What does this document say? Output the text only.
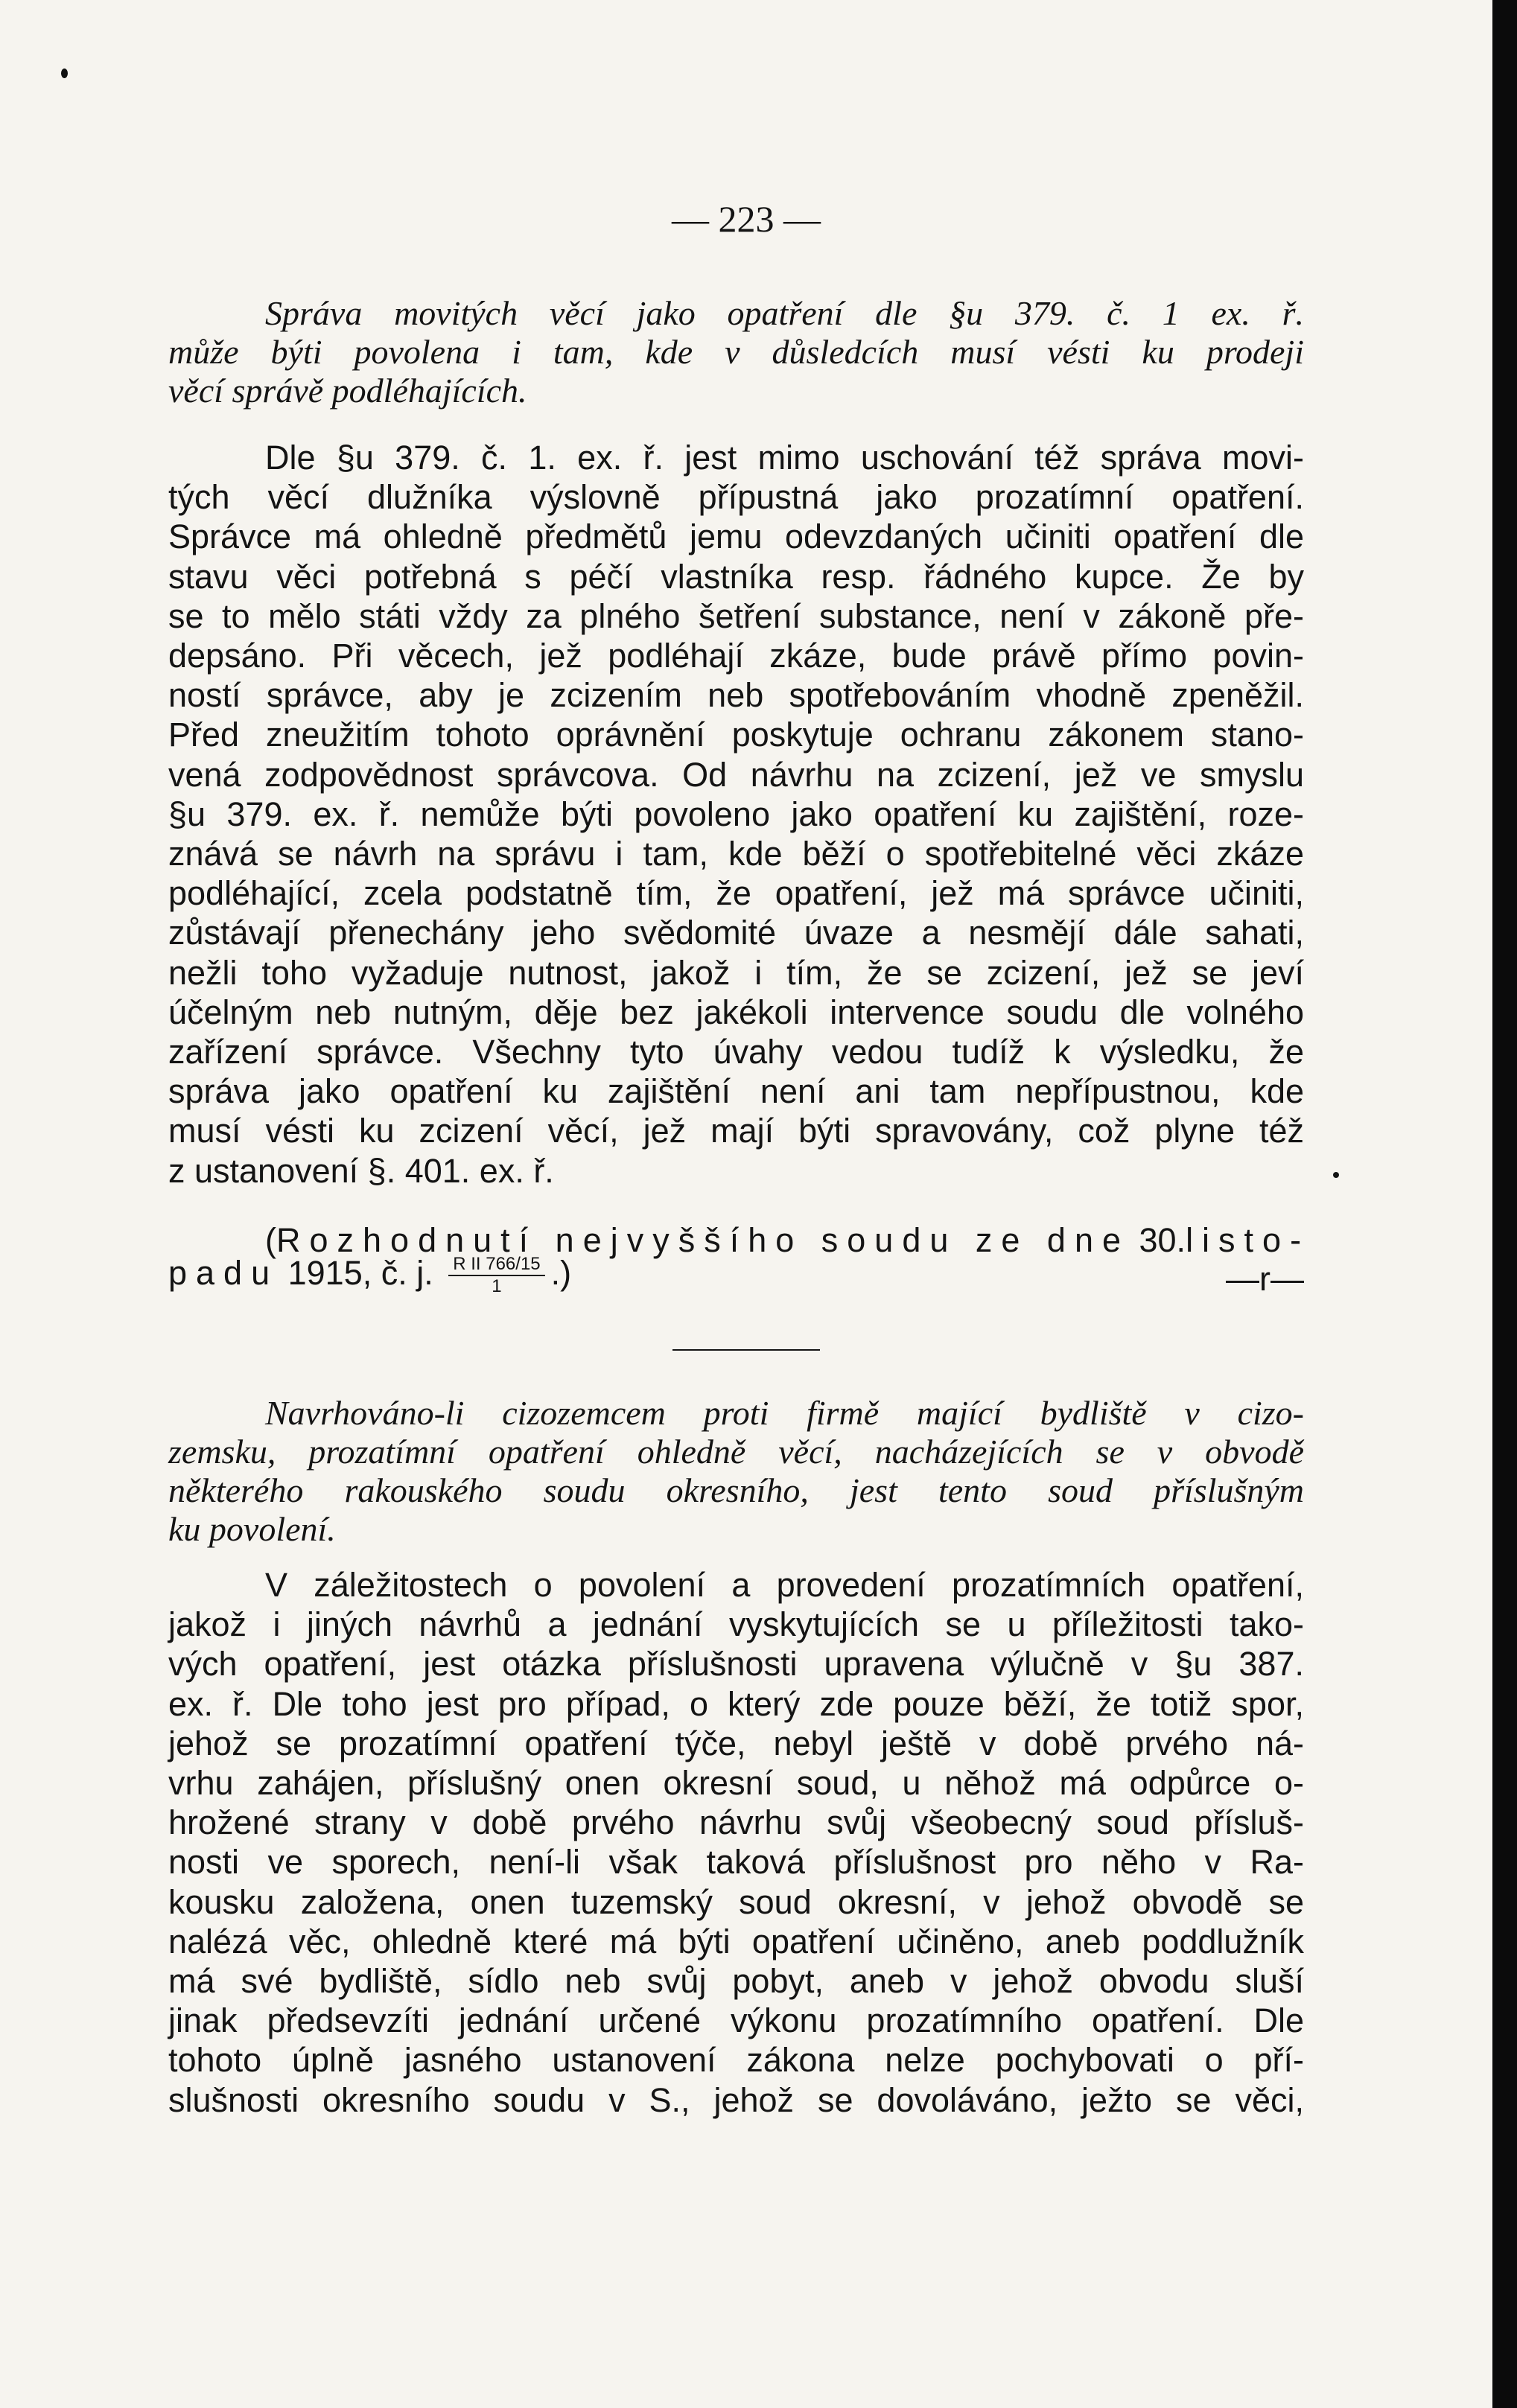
— 223 —
Správa movitých věcí jako opatření dle §u 379. č. 1 ex. ř.
může býti povolena i tam, kde v důsledcích musí vésti ku prodeji
věcí správě podléhajících.
Dle §u 379. č. 1. ex. ř. jest mimo uschování též správa movi-
tých věcí dlužníka výslovně přípustná jako prozatímní opatření.
Správce má ohledně předmětů jemu odevzdaných učiniti opatření dle
stavu věci potřebná s péčí vlastníka resp. řádného kupce. Že by
se to mělo státi vždy za plného šetření substance, není v zákoně pře-
depsáno. Při věcech, jež podléhají zkáze, bude právě přímo povin-
ností správce, aby je zcizením neb spotřebováním vhodně zpeněžil.
Před zneužitím tohoto oprávnění poskytuje ochranu zákonem stano-
vená zodpovědnost správcova. Od návrhu na zcizení, jež ve smyslu
§u 379. ex. ř. nemůže býti povoleno jako opatření ku zajištění, roze-
znává se návrh na správu i tam, kde běží o spotřebitelné věci zkáze
podléhající, zcela podstatně tím, že opatření, jež má správce učiniti,
zůstávají přenechány jeho svědomité úvaze a nesmějí dále sahati,
nežli toho vyžaduje nutnost, jakož i tím, že se zcizení, jež se jeví
účelným neb nutným, děje bez jakékoli intervence soudu dle volného
zařízení správce. Všechny tyto úvahy vedou tudíž k výsledku, že
správa jako opatření ku zajištění není ani tam nepřípustnou, kde
musí vésti ku zcizení věcí, jež mají býti spravovány, což plyne též
z ustanovení §. 401. ex. ř.
(Rozhodnutí nejvyššího soudu ze dne 30. listo-
padu 1915, č. j. $\frac{\text{R II 766/15}}{1}$ .)	—r—
Navrhováno-li cizozemcem proti firmě mající bydliště v cizo-
zemsku, prozatímní opatření ohledně věcí, nacházejících se v obvodě
některého rakouského soudu okresního, jest tento soud příslušným
ku povolení.
V záležitostech o povolení a provedení prozatímních opatření,
jakož i jiných návrhů a jednání vyskytujících se u příležitosti tako-
vých opatření, jest otázka příslušnosti upravena výlučně v §u 387.
ex. ř. Dle toho jest pro případ, o který zde pouze běží, že totiž spor,
jehož se prozatímní opatření týče, nebyl ještě v době prvého ná-
vrhu zahájen, příslušný onen okresní soud, u něhož má odpůrce o-
hrožené strany v době prvého návrhu svůj všeobecný soud přísluš-
nosti ve sporech, není-li však taková příslušnost pro něho v Ra-
kousku založena, onen tuzemský soud okresní, v jehož obvodě se
nalézá věc, ohledně které má býti opatření učiněno, aneb poddlužník
má své bydliště, sídlo neb svůj pobyt, aneb v jehož obvodu sluší
jinak předsevzíti jednání určené výkonu prozatímního opatření. Dle
tohoto úplně jasného ustanovení zákona nelze pochybovati o pří-
slušnosti okresního soudu v S., jehož se dovoláváno, ježto se věci,
